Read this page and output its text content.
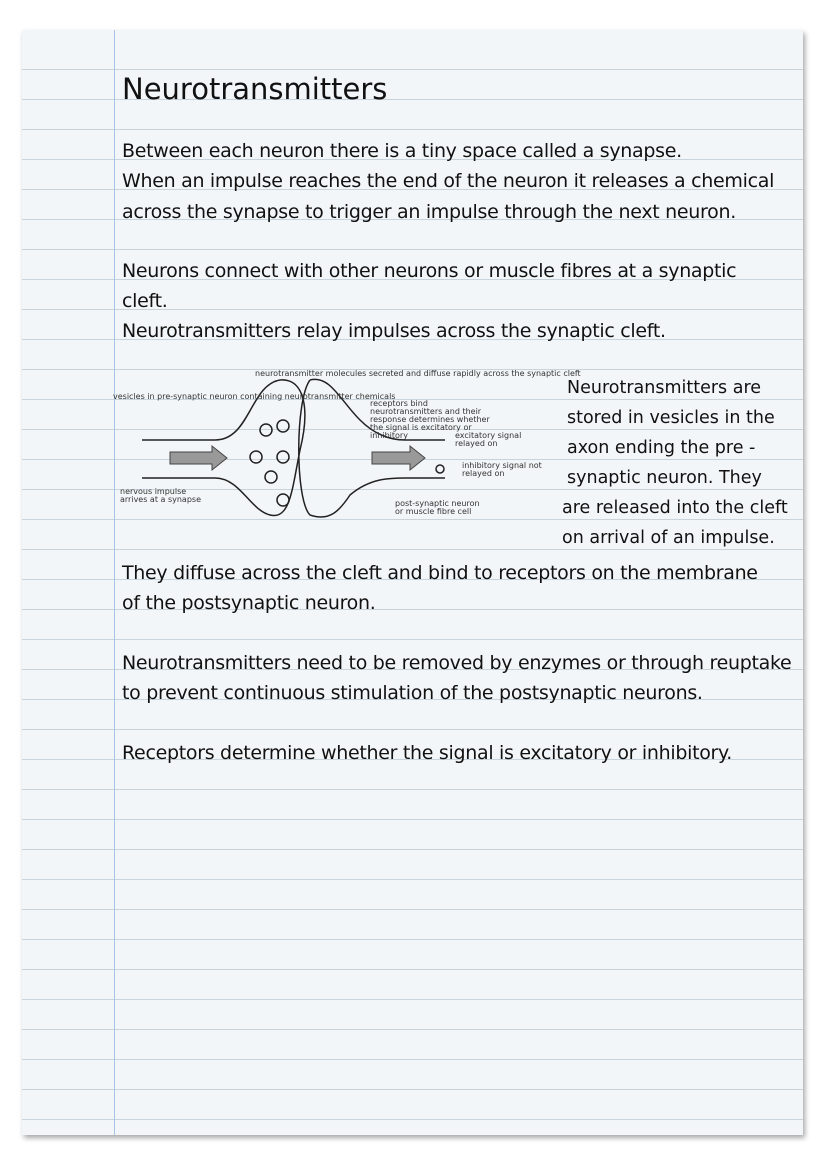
Neurotransmitters
Between each neuron there is a tiny space called a synapse.
When an impulse reaches the end of the neuron it releases a chemical
across the synapse to trigger an impulse through the next neuron.
Neurons connect with other neurons or muscle fibres at a synaptic
cleft.
Neurotransmitters relay impulses across the synaptic cleft.
vesicles in pre-synaptic neuron containing neurotransmitter chemicals
neurotransmitter molecules secreted and diffuse rapidly across the synaptic cleft
receptors bind neurotransmitters and their response determines whether the signal is excitatory or inhibitory	excitatory signal relayed on
inhibitory signal not relayed on
nervous impulse arrives at a synapse	post-synaptic neuron or muscle fibre cell
Neurotransmitters are
stored in vesicles in the
axon ending the pre -
synaptic neuron. They
are released into the cleft
on arrival of an impulse.
They diffuse across the cleft and bind to receptors on the membrane
of the postsynaptic neuron.
Neurotransmitters need to be removed by enzymes or through reuptake
to prevent continuous stimulation of the postsynaptic neurons.
Receptors determine whether the signal is excitatory or inhibitory.
